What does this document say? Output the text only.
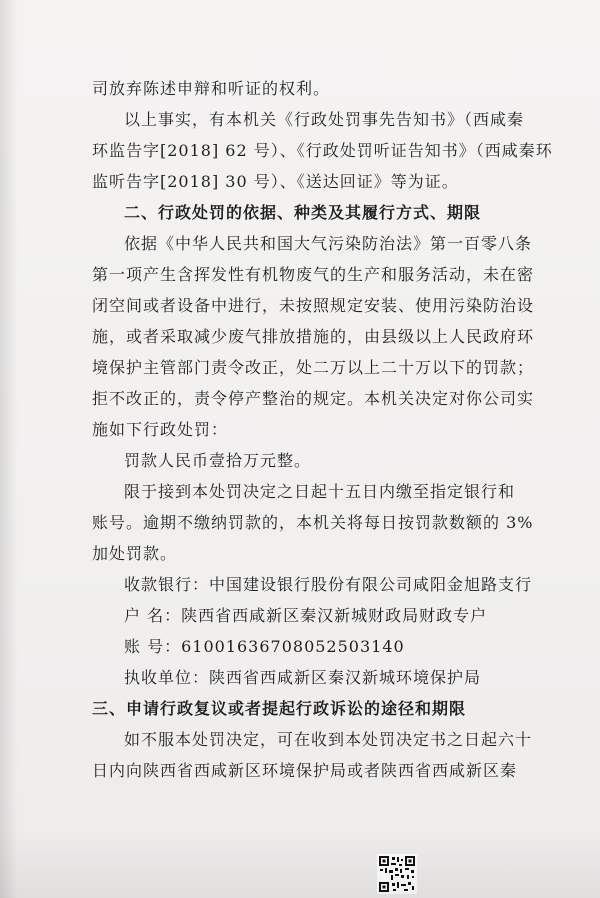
司放弃陈述申辩和听证的权利。
以上事实，有本机关《行政处罚事先告知书》（西咸秦
环监告字[2018] 62 号）、《行政处罚听证告知书》（西咸秦环
监听告字[2018] 30 号）、《送达回证》等为证。
二、行政处罚的依据、种类及其履行方式、期限
依据《中华人民共和国大气污染防治法》第一百零八条
第一项产生含挥发性有机物废气的生产和服务活动，未在密
闭空间或者设备中进行，未按照规定安装、使用污染防治设
施，或者采取减少废气排放措施的，由县级以上人民政府环
境保护主管部门责令改正，处二万以上二十万以下的罚款；
拒不改正的，责令停产整治的规定。本机关决定对你公司实
施如下行政处罚：
罚款人民币壹拾万元整。
限于接到本处罚决定之日起十五日内缴至指定银行和
账号。逾期不缴纳罚款的，本机关将每日按罚款数额的 3%
加处罚款。
收款银行：中国建设银行股份有限公司咸阳金旭路支行
户 名：陕西省西咸新区秦汉新城财政局财政专户
账 号：61001636708052503140
执收单位：陕西省西咸新区秦汉新城环境保护局
三、申请行政复议或者提起行政诉讼的途径和期限
如不服本处罚决定，可在收到本处罚决定书之日起六十
日内向陕西省西咸新区环境保护局或者陕西省西咸新区秦
